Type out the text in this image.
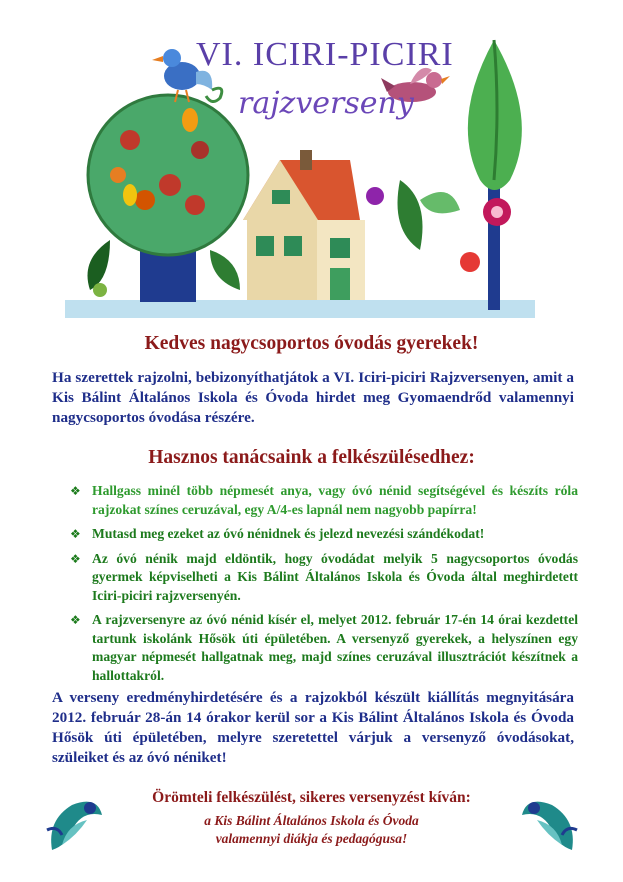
VI. ICIRI-PICIRI
rajzverseny
Kedves nagycsoportos óvodás gyerekek!
Ha szerettek rajzolni, bebizonyíthatjátok a VI. Iciri-piciri Rajzversenyen, amit a Kis Bálint Általános Iskola és Óvoda hirdet meg Gyomaendrőd valamennyi nagycsoportos óvodása részére.
Hasznos tanácsaink a felkészülésedhez:
❖ Hallgass minél több népmesét anya, vagy óvó nénid segítségével és készíts róla rajzokat színes ceruzával, egy A/4-es lapnál nem nagyobb papírra!
❖ Mutasd meg ezeket az óvó nénidnek és jelezd nevezési szándékodat!
❖ Az óvó nénik majd eldöntik, hogy óvodádat melyik 5 nagycsoportos óvodás gyermek képviselheti a Kis Bálint Általános Iskola és Óvoda által meghirdetett Iciri-piciri rajzversenyén.
❖ A rajzversenyre az óvó nénid kísér el, melyet 2012. február 17-én 14 órai kezdettel tartunk iskolánk Hősök úti épületében. A versenyző gyerekek, a helyszínen egy magyar népmesét hallgatnak meg, majd színes ceruzával illusztrációt készítnek a hallottakról.
A verseny eredményhirdetésére és a rajzokból készült kiállítás megnyitására 2012. február 28-án 14 órakor kerül sor a Kis Bálint Általános Iskola és Óvoda Hősök úti épületében, melyre szeretettel várjuk a versenyző óvodásokat, szüleiket és az óvó néniket!
Örömteli felkészülést, sikeres versenyzést kíván:
a Kis Bálint Általános Iskola és Óvoda
valamennyi diákja és pedagógusa!
